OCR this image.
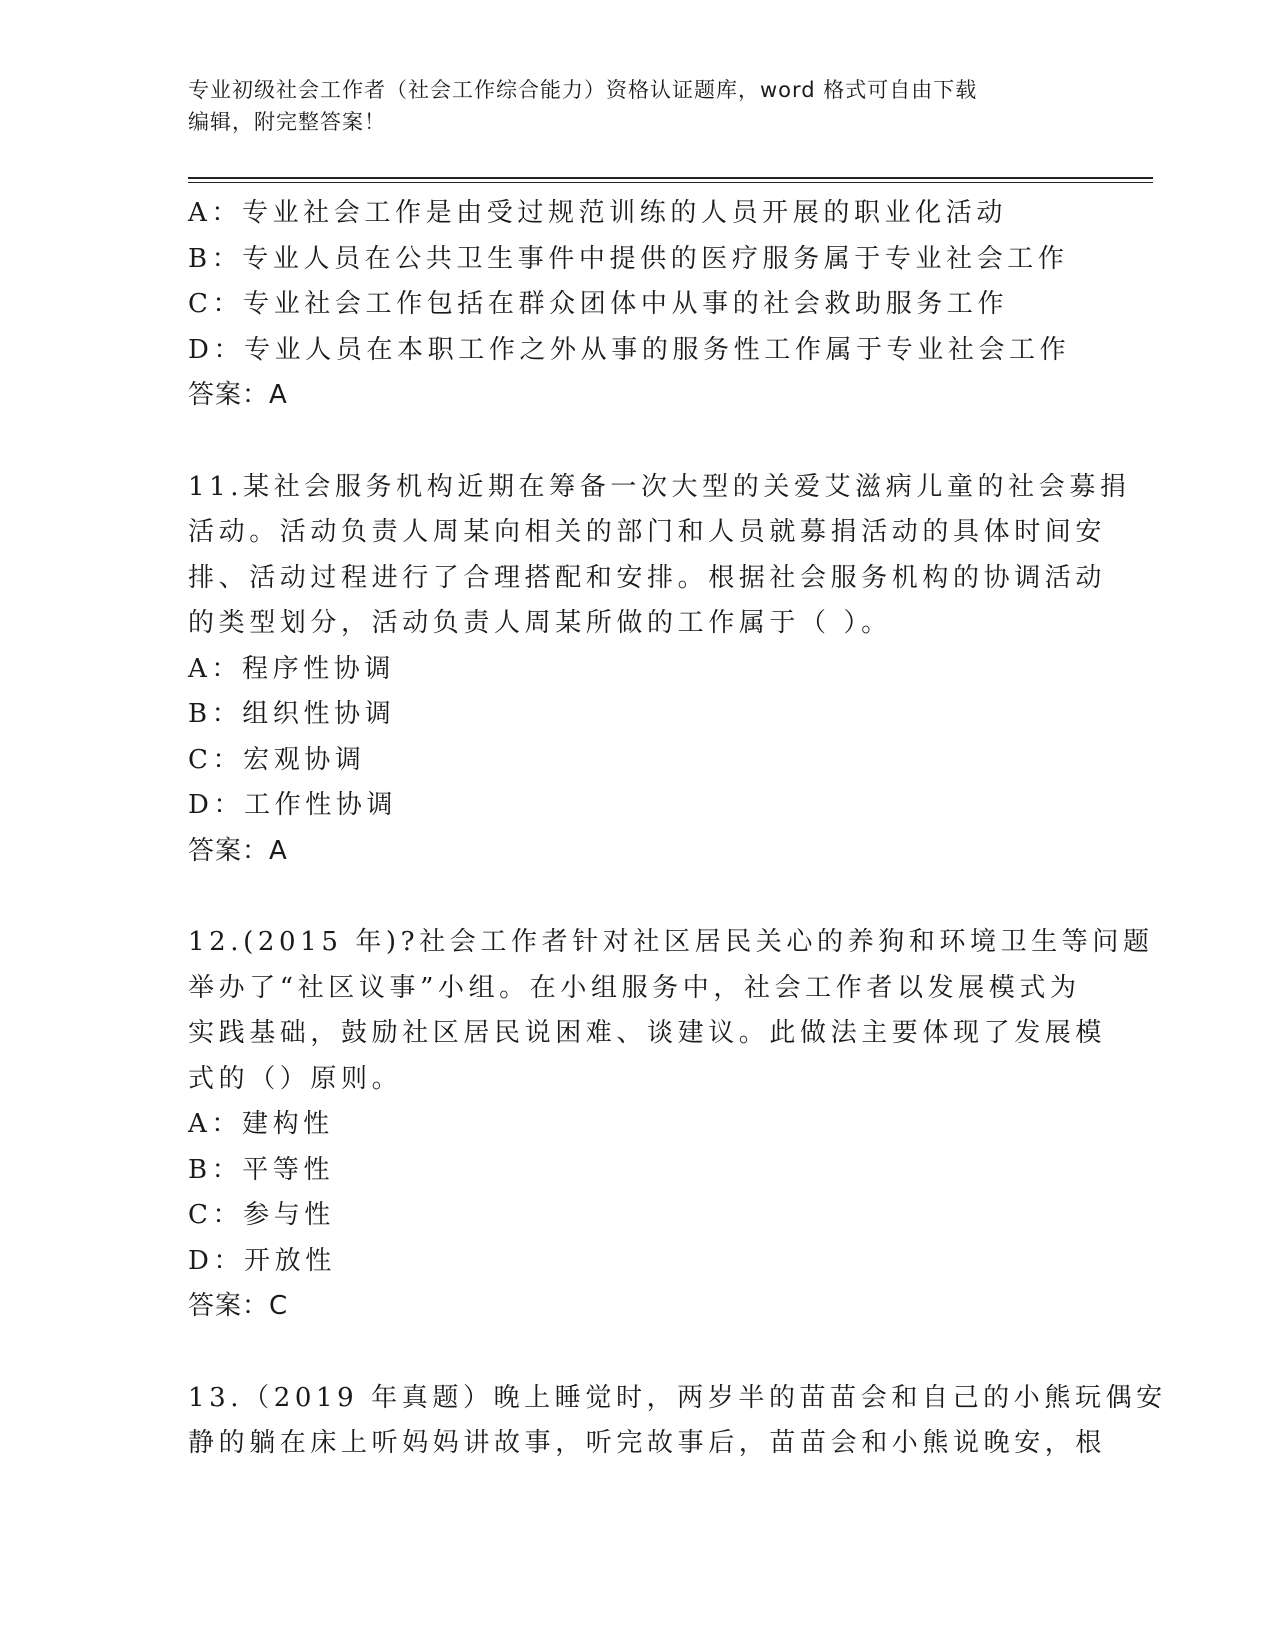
专业初级社会工作者（社会工作综合能力）资格认证题库，word 格式可自由下载
编辑，附完整答案！
A：专业社会工作是由受过规范训练的人员开展的职业化活动
B：专业人员在公共卫生事件中提供的医疗服务属于专业社会工作
C：专业社会工作包括在群众团体中从事的社会救助服务工作
D：专业人员在本职工作之外从事的服务性工作属于专业社会工作
答案：A
11.某社会服务机构近期在筹备一次大型的关爱艾滋病儿童的社会募捐
活动。活动负责人周某向相关的部门和人员就募捐活动的具体时间安
排、活动过程进行了合理搭配和安排。根据社会服务机构的协调活动
的类型划分，活动负责人周某所做的工作属于（ ）。
A：程序性协调
B：组织性协调
C：宏观协调
D：工作性协调
答案：A
12.(2015 年)?社会工作者针对社区居民关心的养狗和环境卫生等问题
举办了“社区议事”小组。在小组服务中，社会工作者以发展模式为
实践基础，鼓励社区居民说困难、谈建议。此做法主要体现了发展模
式的（）原则。
A：建构性
B：平等性
C：参与性
D：开放性
答案：C
13.（2019 年真题）晚上睡觉时，两岁半的苗苗会和自己的小熊玩偶安
静的躺在床上听妈妈讲故事，听完故事后，苗苗会和小熊说晚安，根
